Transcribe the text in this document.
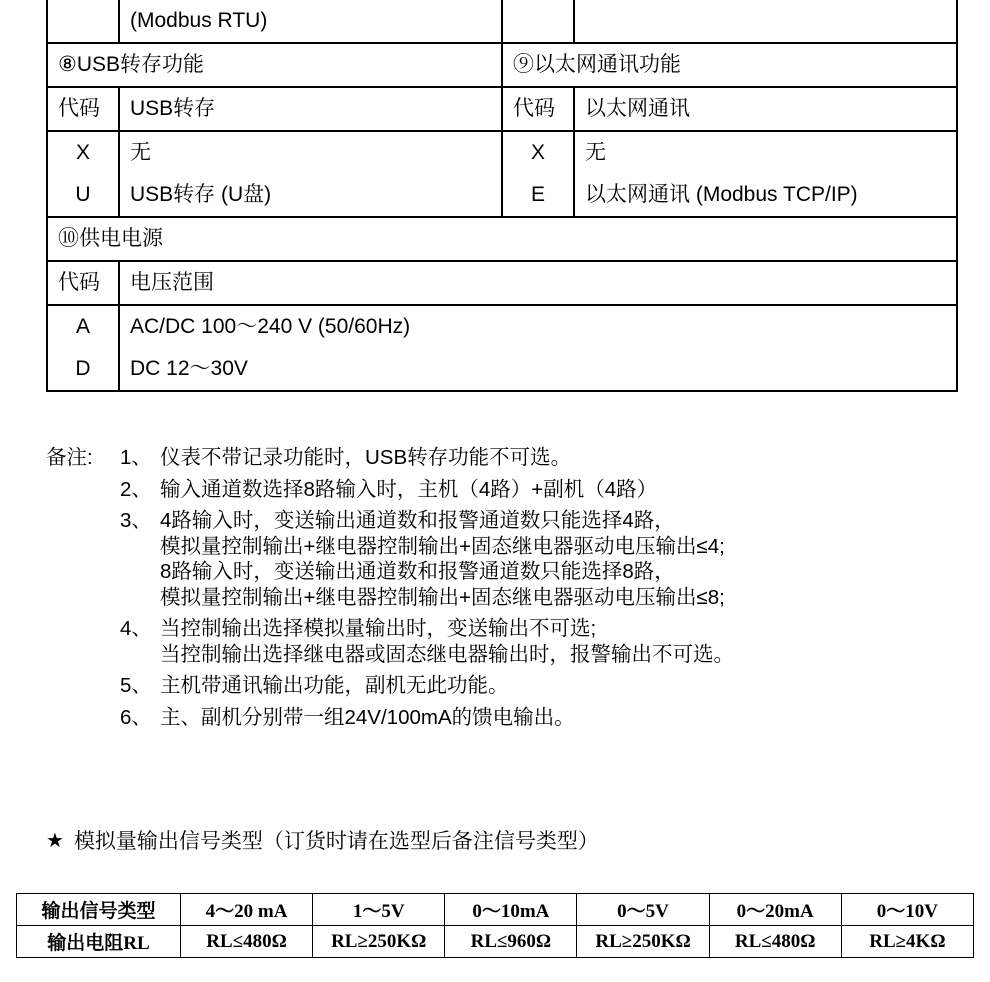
	(Modbus RTU)		
⑧USB转存功能		⑨以太网通讯功能	
代码	USB转存	代码	以太网通讯
X	无	X	无
U	USB转存 (U盘)	E	以太网通讯 (Modbus TCP/IP)
⑩供电电源			
代码	电压范围		
A	AC/DC 100～240 V (50/60Hz)		
D	DC 12～30V		
备注:	1、 仪表不带记录功能时，USB转存功能不可选。
2、 输入通道数选择8路输入时，主机（4路）+副机（4路）
3、 4路输入时，变送输出通道数和报警通道数只能选择4路，
模拟量控制输出+继电器控制输出+固态继电器驱动电压输出≤4;
8路输入时，变送输出通道数和报警通道数只能选择8路，
模拟量控制输出+继电器控制输出+固态继电器驱动电压输出≤8;
4、 当控制输出选择模拟量输出时，变送输出不可选;
当控制输出选择继电器或固态继电器输出时，报警输出不可选。
5、 主机带通讯输出功能，副机无此功能。
6、 主、副机分别带一组24V/100mA的馈电输出。
★ 模拟量输出信号类型（订货时请在选型后备注信号类型）
输出信号类型	4～20 mA	1～5V	0～10mA	0～5V	0～20mA	0～10V
输出电阻RL	RL≤480Ω	RL≥250KΩ	RL≤960Ω	RL≥250KΩ	RL≤480Ω	RL≥4KΩ
